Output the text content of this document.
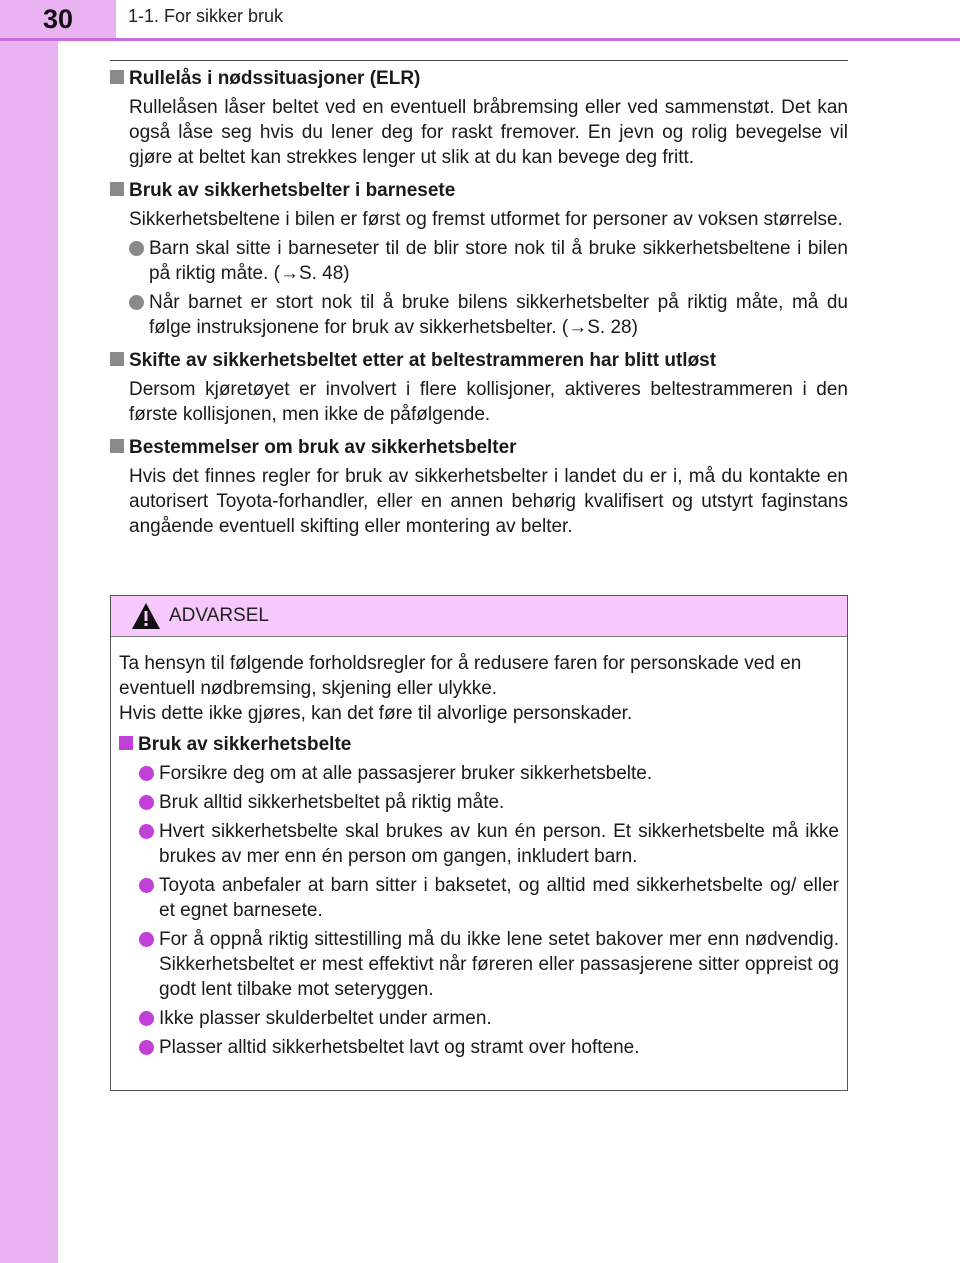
30	1-1. For sikker bruk

Rullelås i nødssituasjoner (ELR)

Rullelåsen låser beltet ved en eventuell bråbremsing eller ved sammenstøt. Det kan også låse seg hvis du lener deg for raskt fremover. En jevn og rolig bevegelse vil gjøre at beltet kan strekkes lenger ut slik at du kan bevege deg fritt.

Bruk av sikkerhetsbelter i barnesete

Sikkerhetsbeltene i bilen er først og fremst utformet for personer av voksen størrelse.

Barn skal sitte i barneseter til de blir store nok til å bruke sikkerhetsbeltene i bilen på riktig måte. (→S. 48)
Når barnet er stort nok til å bruke bilens sikkerhetsbelter på riktig måte, må du følge instruksjonene for bruk av sikkerhetsbelter. (→S. 28)

Skifte av sikkerhetsbeltet etter at beltestrammeren har blitt utløst

Dersom kjøretøyet er involvert i flere kollisjoner, aktiveres beltestrammeren i den første kollisjonen, men ikke de påfølgende.

Bestemmelser om bruk av sikkerhetsbelter

Hvis det finnes regler for bruk av sikkerhetsbelter i landet du er i, må du kontakte en autorisert Toyota-forhandler, eller en annen behørig kvalifisert og utstyrt faginstans angående eventuell skifting eller montering av belter.

ADVARSEL

Ta hensyn til følgende forholdsregler for å redusere faren for personskade ved en eventuell nødbremsing, skjening eller ulykke.
Hvis dette ikke gjøres, kan det føre til alvorlige personskader.

Bruk av sikkerhetsbelte

Forsikre deg om at alle passasjerer bruker sikkerhetsbelte.
Bruk alltid sikkerhetsbeltet på riktig måte.
Hvert sikkerhetsbelte skal brukes av kun én person. Et sikkerhetsbelte må ikke brukes av mer enn én person om gangen, inkludert barn.
Toyota anbefaler at barn sitter i baksetet, og alltid med sikkerhetsbelte og/ eller et egnet barnesete.
For å oppnå riktig sittestilling må du ikke lene setet bakover mer enn nødvendig. Sikkerhetsbeltet er mest effektivt når føreren eller passasjerene sitter oppreist og godt lent tilbake mot seteryggen.
Ikke plasser skulderbeltet under armen.
Plasser alltid sikkerhetsbeltet lavt og stramt over hoftene.
